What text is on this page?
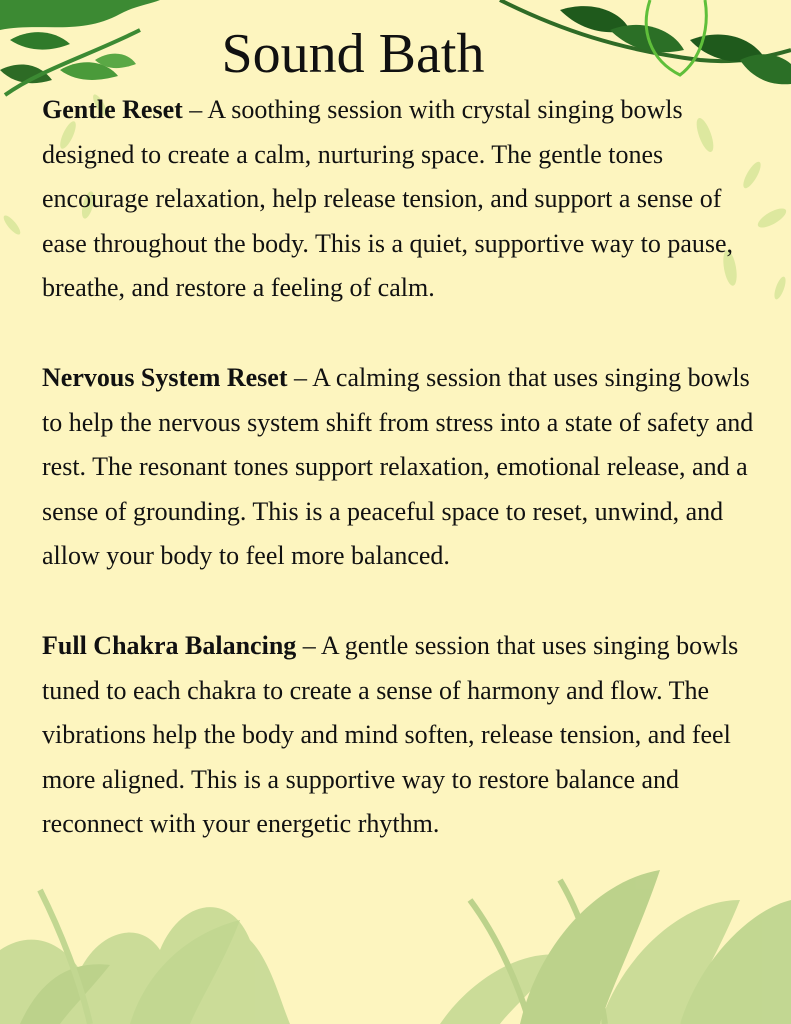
Sound Bath

Gentle Reset – A soothing session with crystal singing bowls designed to create a calm, nurturing space. The gentle tones encourage relaxation, help release tension, and support a sense of ease throughout the body. This is a quiet, supportive way to pause, breathe, and restore a feeling of calm.

Nervous System Reset – A calming session that uses singing bowls to help the nervous system shift from stress into a state of safety and rest. The resonant tones support relaxation, emotional release, and a sense of grounding. This is a peaceful space to reset, unwind, and allow your body to feel more balanced.

Full Chakra Balancing – A gentle session that uses singing bowls tuned to each chakra to create a sense of harmony and flow. The vibrations help the body and mind soften, release tension, and feel more aligned. This is a supportive way to restore balance and reconnect with your energetic rhythm.
